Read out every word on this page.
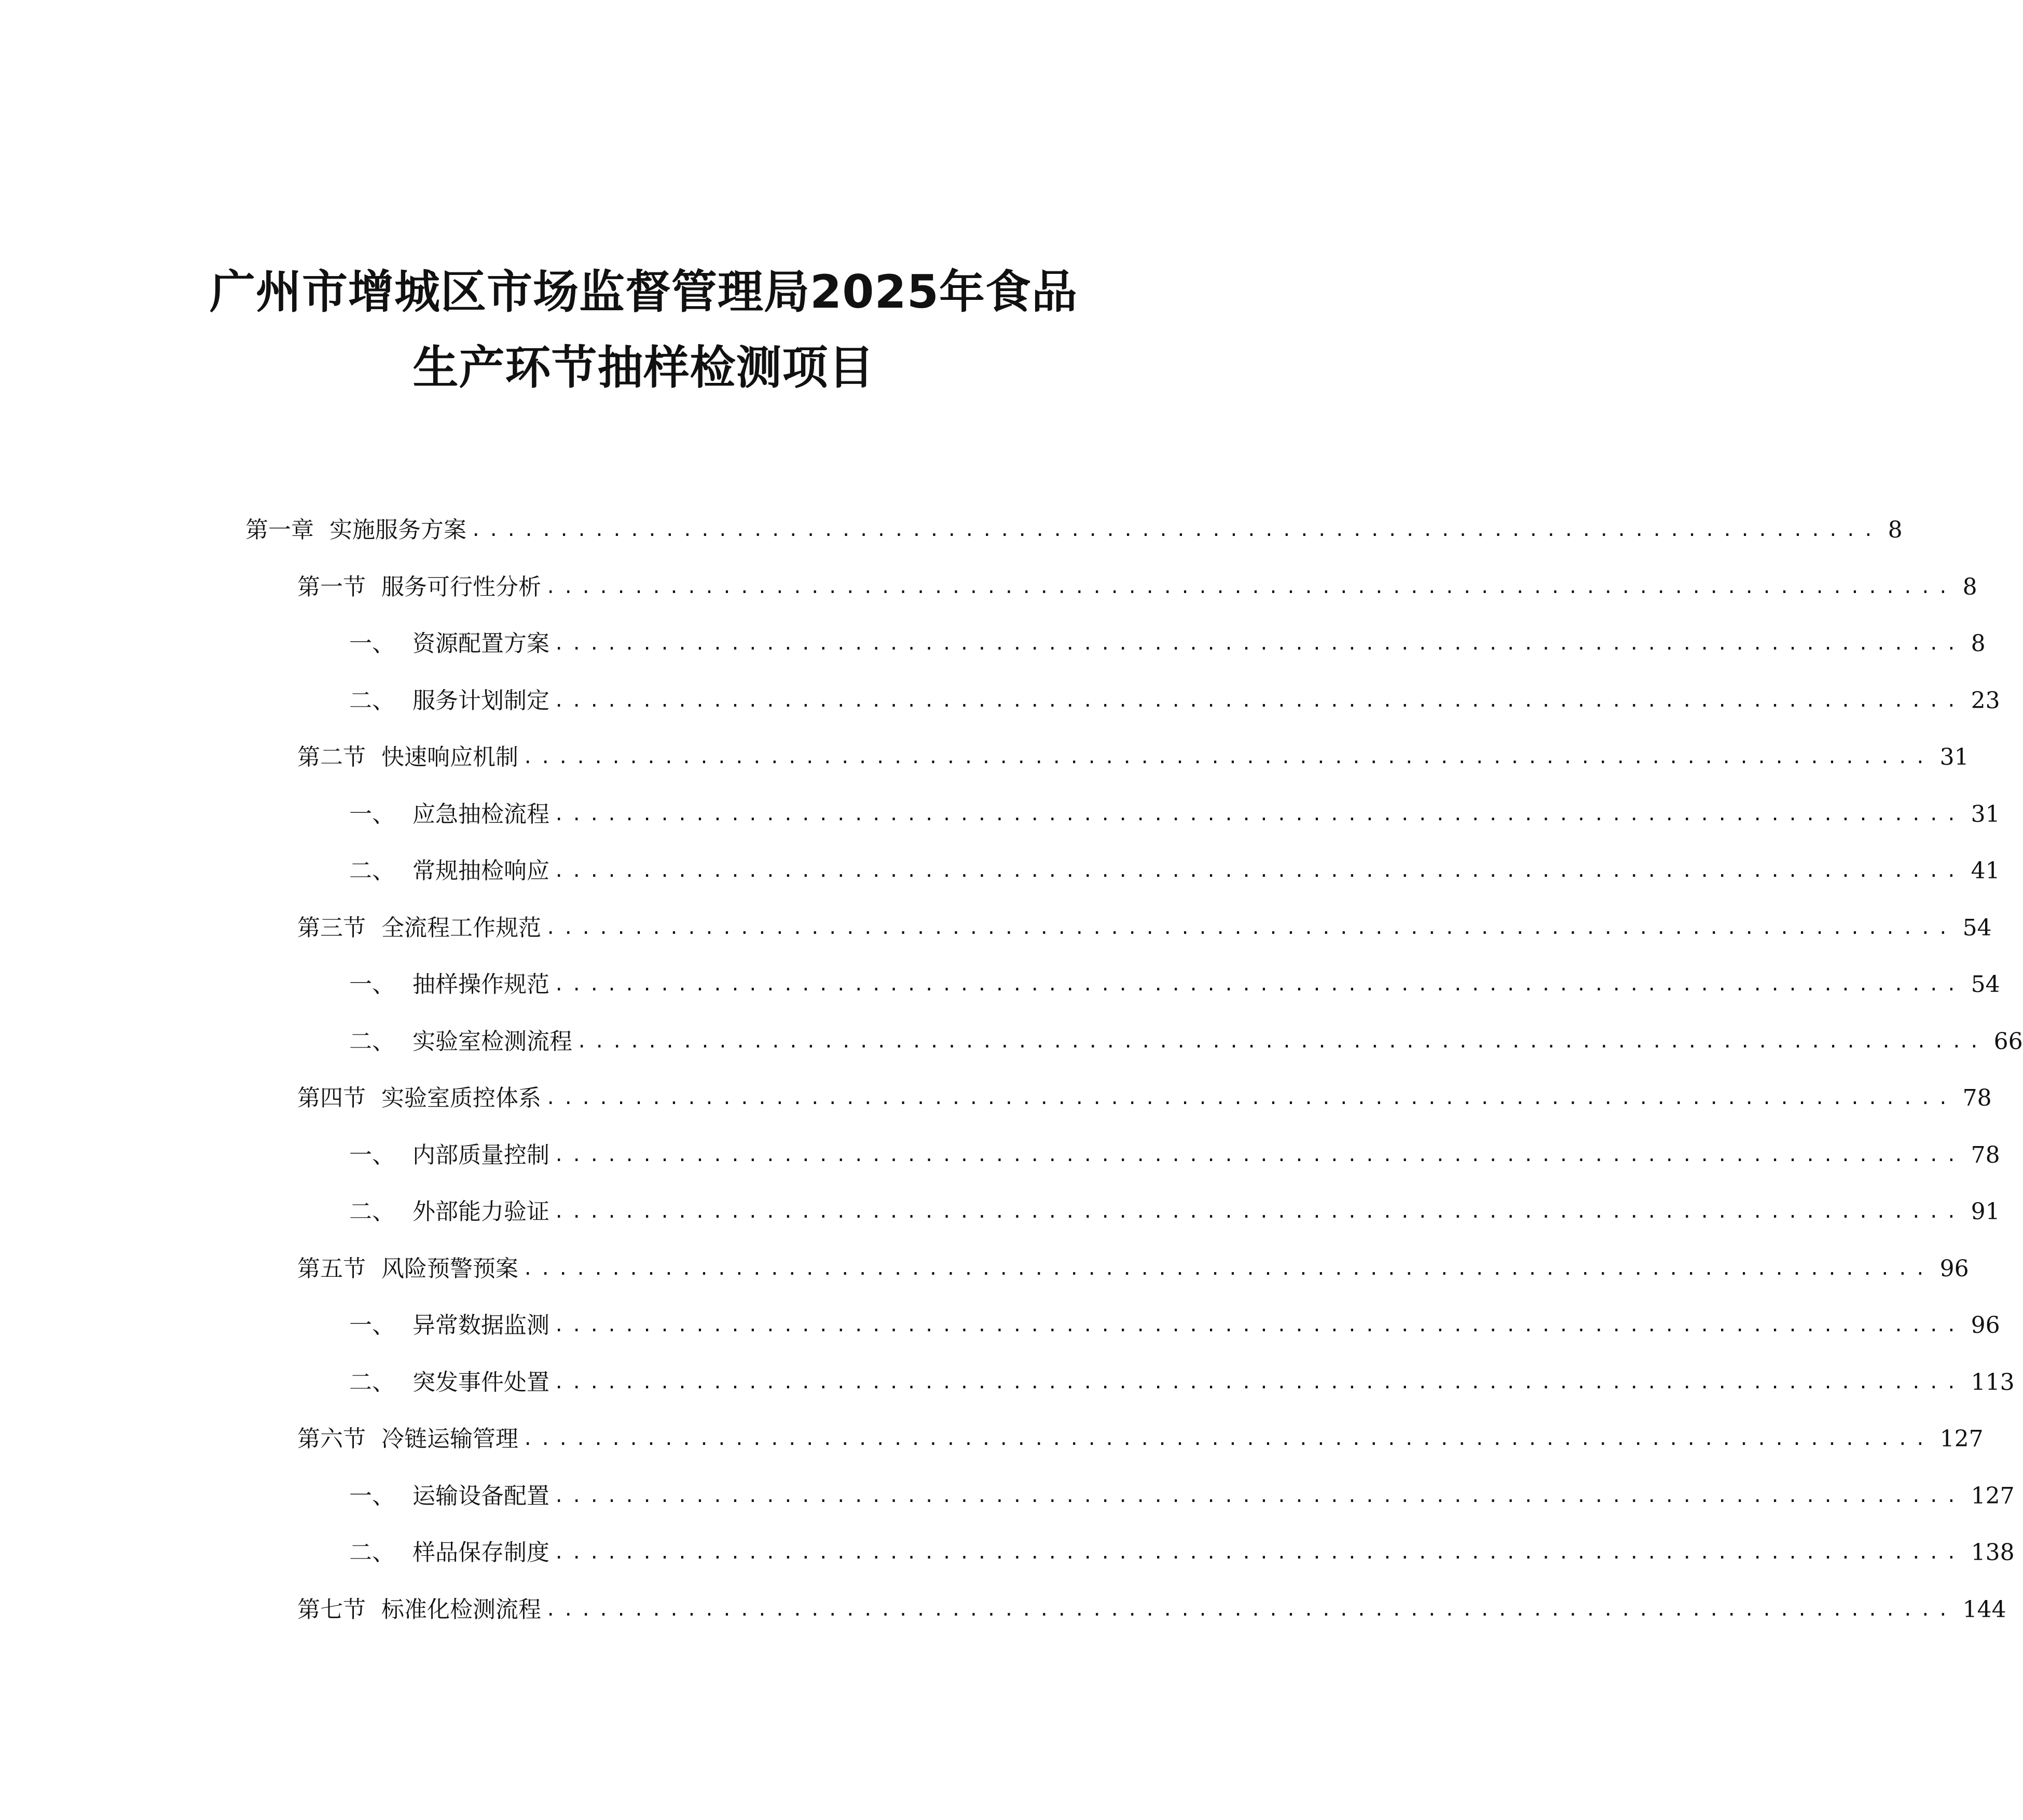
广州市增城区市场监督管理局2025年食品
生产环节抽样检测项目
第一章 实施服务方案 ................................................................................ 8
第一节 服务可行性分析 ................................................................................ 8
一、 资源配置方案 ................................................................................ 8
二、 服务计划制定 ................................................................................ 23
第二节 快速响应机制 ................................................................................ 31
一、 应急抽检流程 ................................................................................ 31
二、 常规抽检响应 ................................................................................ 41
第三节 全流程工作规范 ................................................................................ 54
一、 抽样操作规范 ................................................................................ 54
二、 实验室检测流程 ................................................................................ 66
第四节 实验室质控体系 ................................................................................ 78
一、 内部质量控制 ................................................................................ 78
二、 外部能力验证 ................................................................................ 91
第五节 风险预警预案 ................................................................................ 96
一、 异常数据监测 ................................................................................ 96
二、 突发事件处置 ................................................................................ 113
第六节 冷链运输管理 ................................................................................ 127
一、 运输设备配置 ................................................................................ 127
二、 样品保存制度 ................................................................................ 138
第七节 标准化检测流程 ................................................................................ 144
